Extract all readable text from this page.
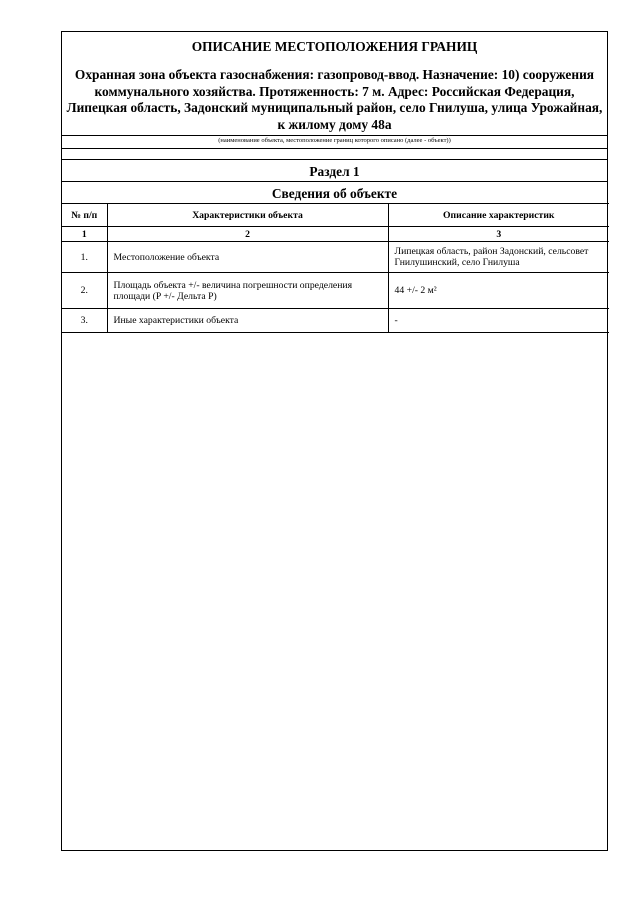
ОПИСАНИЕ МЕСТОПОЛОЖЕНИЯ ГРАНИЦ
Охранная зона объекта газоснабжения: газопровод-ввод. Назначение: 10) сооружения коммунального хозяйства. Протяженность: 7 м. Адрес: Российская Федерация, Липецкая область, Задонский муниципальный район, село Гнилуша, улица Урожайная, к жилому дому 48а
(наименование объекта, местоположение границ которого описано (далее - объект))
Раздел 1
Сведения об объекте
№ п/п	Характеристики объекта	Описание характеристик
1	2	3
1.	Местоположение объекта	Липецкая область, район Задонский, сельсовет Гнилушинский, село Гнилуша
2.	Площадь объекта +/- величина погрешности определения площади (P +/- Дельта P)	44 +/- 2 м²
3.	Иные характеристики объекта	-
